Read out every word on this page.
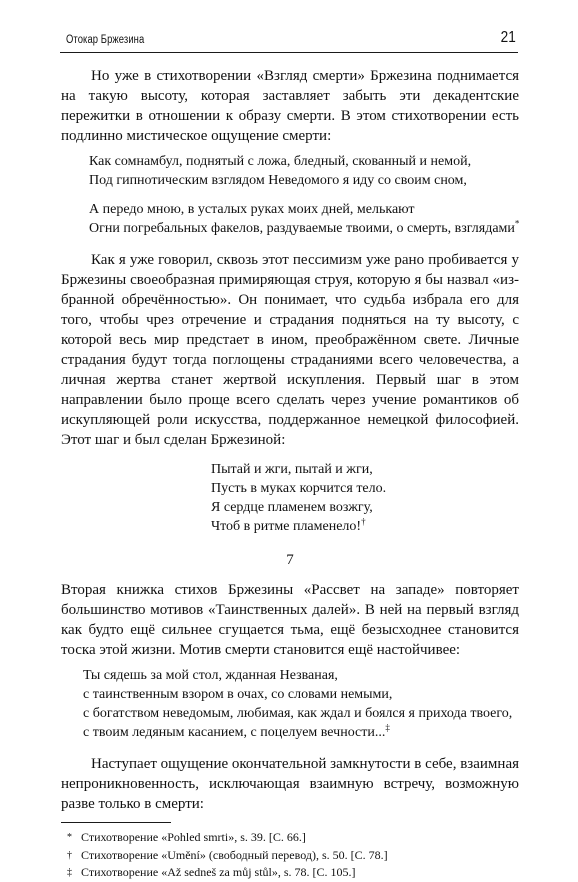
Отокар Бржезина	21

Но уже в стихотворении «Взгляд смерти» Бржезина поднимается на такую высоту, которая заставляет забыть эти декадентские пережитки в отношении к образу смерти. В этом стихотворении есть подлинно мистическое ощущение смерти:

Как сомнамбул, поднятый с ложа, бледный, скованный и немой,
Под гипнотическим взглядом Неведомого я иду со своим сном,
А передо мною, в усталых руках моих дней, мелькают
Огни погребальных факелов, раздуваемые твоими, о смерть, взглядами*

Как я уже говорил, сквозь этот пессимизм уже рано пробивается у Бржезины своеобразная примиряющая струя, которую я бы назвал «избранной обречённостью». Он понимает, что судьба избрала его для того, чтобы чрез отречение и страдания подняться на ту высоту, с которой весь мир предстает в ином, преображённом свете. Личные страдания будут тогда поглощены страданиями всего человечества, а личная жертва станет жертвой искупления. Первый шаг в этом направлении было проще всего сделать через учение романтиков об искупляющей роли искусства, поддержанное немецкой философией. Этот шаг и был сделан Бржезиной:

Пытай и жги, пытай и жги,
Пусть в муках корчится тело.
Я сердце пламенем возжгу,
Чтоб в ритме пламенело!†

7

Вторая книжка стихов Бржезины «Рассвет на западе» повторяет большинство мотивов «Таинственных далей». В ней на первый взгляд как будто ещё сильнее сгущается тьма, ещё безысходнее становится тоска этой жизни. Мотив смерти становится ещё настойчивее:

Ты сядешь за мой стол, жданная Незваная,
с таинственным взором в очах, со словами немыми,
с богатством неведомым, любимая, как ждал и боялся я прихода твоего,
с твоим ледяным касанием, с поцелуем вечности...‡

Наступает ощущение окончательной замкнутости в себе, взаимная непроникновенность, исключающая взаимную встречу, возможную разве только в смерти:

* Стихотворение «Pohled smrti», s. 39. [С. 66.]
† Стихотворение «Umění» (свободный перевод), s. 50. [С. 78.]
‡ Стихотворение «Až sedneš za můj stůl», s. 78. [С. 105.]
